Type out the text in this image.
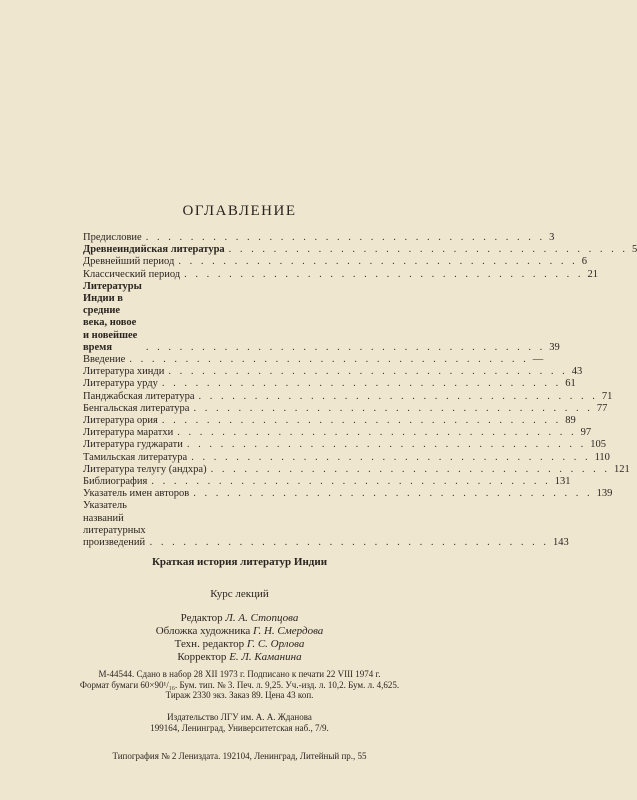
ОГЛАВЛЕНИЕ
Предисловие . . . . . . . . . . . . . . . . . . . . . . . . . . . . . . . . . . . . 3
Древнеиндийская литература . . . . . . . . . . . . . . . . . . . . . . . . . . . . . . . . . . . . 5
Древнейший период . . . . . . . . . . . . . . . . . . . . . . . . . . . . . . . . . . . . 6
Классический период . . . . . . . . . . . . . . . . . . . . . . . . . . . . . . . . . . . . 21
Литературы Индии в средние века, новое и новейшее время	. . . . . . . . . . . . . . . . . . . . . . . . . . . . . . . . . . . . 39
Введение . . . . . . . . . . . . . . . . . . . . . . . . . . . . . . . . . . . . —
Литература хинди . . . . . . . . . . . . . . . . . . . . . . . . . . . . . . . . . . . . 43
Литература урду . . . . . . . . . . . . . . . . . . . . . . . . . . . . . . . . . . . . 61
Панджабская литература . . . . . . . . . . . . . . . . . . . . . . . . . . . . . . . . . . . . 71
Бенгальская литература . . . . . . . . . . . . . . . . . . . . . . . . . . . . . . . . . . . . 77
Литература ория . . . . . . . . . . . . . . . . . . . . . . . . . . . . . . . . . . . . 89
Литература маратхи . . . . . . . . . . . . . . . . . . . . . . . . . . . . . . . . . . . . 97
Литература гуджарати . . . . . . . . . . . . . . . . . . . . . . . . . . . . . . . . . . . . 105
Тамильская литература . . . . . . . . . . . . . . . . . . . . . . . . . . . . . . . . . . . . 110
Литература телугу (андхра) . . . . . . . . . . . . . . . . . . . . . . . . . . . . . . . . . . . . 121
Библиография . . . . . . . . . . . . . . . . . . . . . . . . . . . . . . . . . . . . 131
Указатель имен авторов . . . . . . . . . . . . . . . . . . . . . . . . . . . . . . . . . . . . 139
Указатель названий литературных произведений . . . . . . . . . . . . . . . . . . . . . . . . . . . . . . . . . . . . 143
Краткая история литератур Индии
Курс лекций
Редактор Л. А. Стопцова
Обложка художника Г. Н. Смердова
Техн. редактор Г. С. Орлова
Корректор Е. Л. Каманина
М-44544. Сдано в набор 28 XII 1973 г. Подписано к печати 22 VIII 1974 г.
Формат бумаги 60×90¹/₁₆. Бум. тип. № 3. Печ. л. 9,25. Уч.-изд. л. 10,2. Бум. л. 4,625.
Тираж 2330 экз. Заказ 89. Цена 43 коп.
Издательство ЛГУ им. А. А. Жданова
199164, Ленинград, Университетская наб., 7/9.
Типография № 2 Лениздата. 192104, Ленинград, Литейный пр., 55
